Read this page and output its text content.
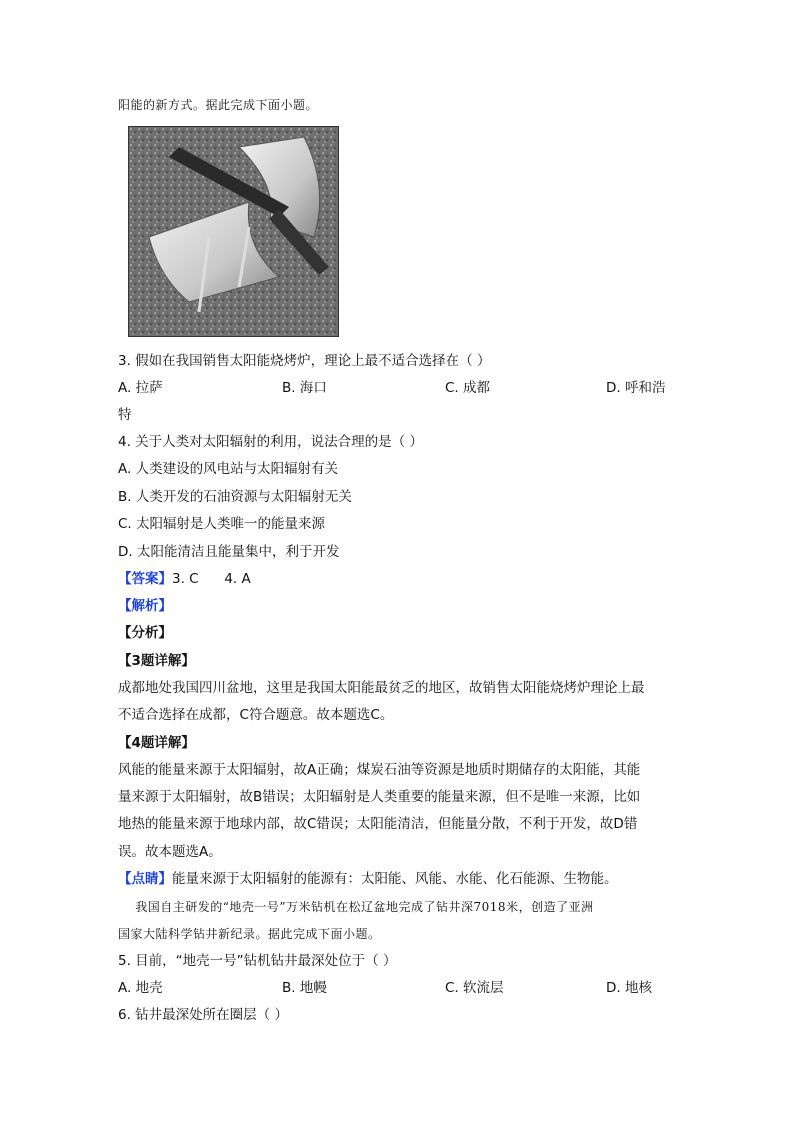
阳能的新方式。据此完成下面小题。
3. 假如在我国销售太阳能烧烤炉，理论上最不适合选择在（ ）
A. 拉萨	B. 海口	C. 成都	D. 呼和浩
特
4. 关于人类对太阳辐射的利用，说法合理的是（ ）
A. 人类建设的风电站与太阳辐射有关
B. 人类开发的石油资源与太阳辐射无关
C. 太阳辐射是人类唯一的能量来源
D. 太阳能清洁且能量集中，利于开发
【答案】3. C      4. A
【解析】
【分析】
【3题详解】
成都地处我国四川盆地，这里是我国太阳能最贫乏的地区，故销售太阳能烧烤炉理论上最
不适合选择在成都，C符合题意。故本题选C。
【4题详解】
风能的能量来源于太阳辐射，故A正确；煤炭石油等资源是地质时期储存的太阳能，其能
量来源于太阳辐射，故B错误；太阳辐射是人类重要的能量来源，但不是唯一来源，比如
地热的能量来源于地球内部，故C错误；太阳能清洁，但能量分散，不利于开发，故D错
误。故本题选A。
【点睛】能量来源于太阳辐射的能源有：太阳能、风能、水能、化石能源、生物能。
我国自主研发的“地壳一号”万米钻机在松辽盆地完成了钻井深7018米，创造了亚洲
国家大陆科学钻井新纪录。据此完成下面小题。
5. 目前，“地壳一号”钻机钻井最深处位于（ ）
A. 地壳	B. 地幔	C. 软流层	D. 地核
6. 钻井最深处所在圈层（ ）
